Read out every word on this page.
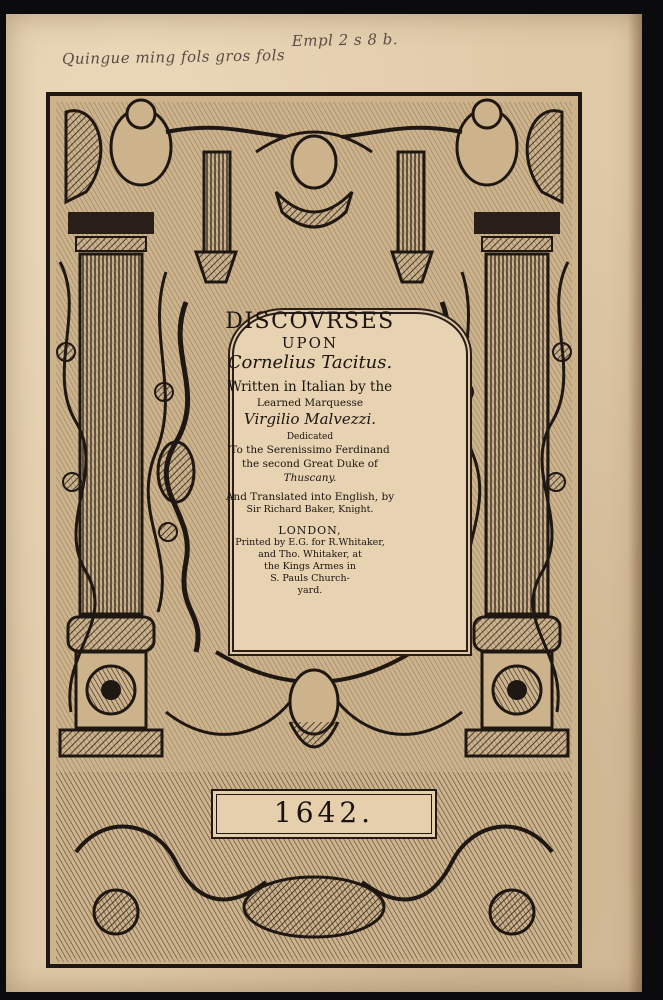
Quingue ming fols gros fols
Empl 2 s 8 b.
DISCOVRSES
UPON
Cornelius Tacitus.
Written in Italian by the
Learned Marquesse
Virgilio Malvezzi.
Dedicated
To the Serenissimo Ferdinand
the second Great Duke of
Thuscany.
And Translated into English, by
Sir Richard Baker, Knight.
LONDON,
Printed by E.G. for R.Whitaker,
and Tho. Whitaker, at
the Kings Armes in
S. Pauls Church-
yard.
1642.
